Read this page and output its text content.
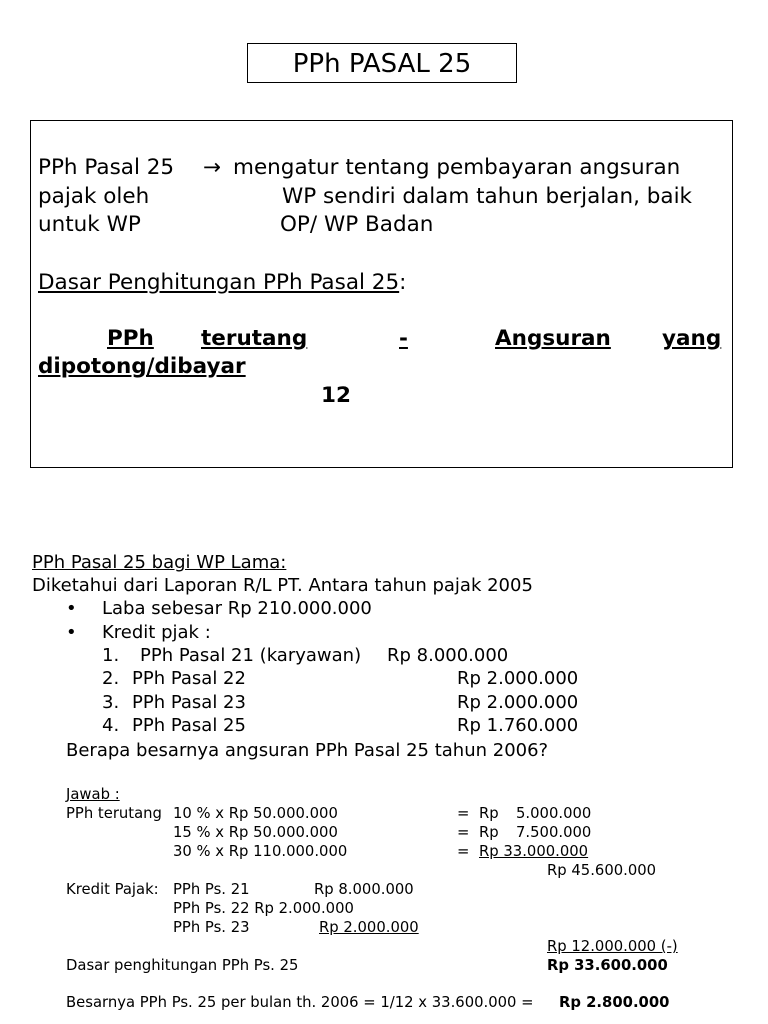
PPh PASAL 25
PPh Pasal 25 → mengatur tentang pembayaran angsuran
pajak oleh	WP sendiri dalam tahun berjalan, baik
untuk WP	OP/ WP Badan
Dasar Penghitungan PPh Pasal 25:
PPh terutang	-	Angsuran yang
dipotong/dibayar
12
PPh Pasal 25 bagi WP Lama:
Diketahui dari Laporan R/L PT. Antara tahun pajak 2005
• Laba sebesar Rp 210.000.000
• Kredit pjak :
1. PPh Pasal 21 (karyawan) Rp 8.000.000
2. PPh Pasal 22	Rp 2.000.000
3. PPh Pasal 23	Rp 2.000.000
4. PPh Pasal 25	Rp 1.760.000
Berapa besarnya angsuran PPh Pasal 25 tahun 2006?
Jawab :
PPh terutang 10 % x Rp 50.000.000	= Rp 5.000.000
15 % x Rp 50.000.000	= Rp 7.500.000
30 % x Rp 110.000.000	= Rp 33.000.000
Rp 45.600.000
Kredit Pajak: PPh Ps. 21	Rp 8.000.000
PPh Ps. 22 Rp 2.000.000
PPh Ps. 23	Rp 2.000.000
Rp 12.000.000 (-)
Dasar penghitungan PPh Ps. 25	Rp 33.600.000
Besarnya PPh Ps. 25 per bulan th. 2006 = 1/12 x 33.600.000 = Rp 2.800.000
